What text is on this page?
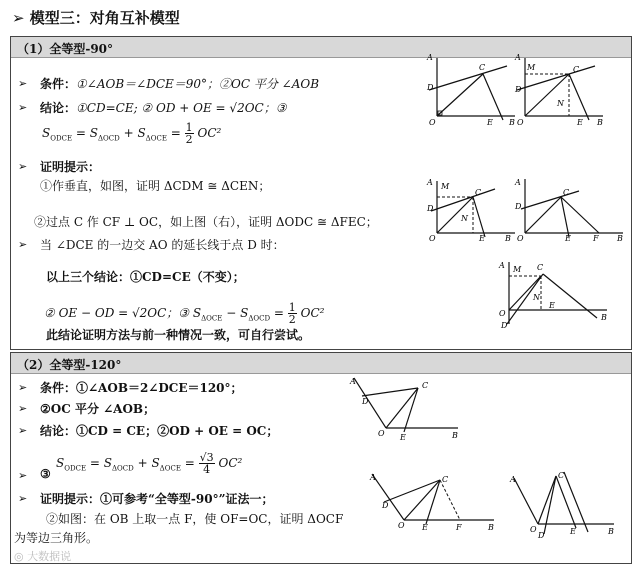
➢ 模型三：对角互补模型
（1）全等型-90°
➢ 条件：①∠AOB＝∠DCE＝90°；②OC 平分 ∠AOB
➢ 结论：①CD=CE; ② OD + OE = √2OC；③
$S_{ODCE} = S_{\Delta OCD} + S_{\Delta OCE} = \frac{1}{2} OC^2$
➢ 证明提示：
①作垂直，如图，证明 ΔCDM ≅ ΔCEN；
②过点 C 作 CF ⊥ OC，如上图（右），证明 ΔODC ≅ ΔFEC；
➢ 当 ∠DCE 的一边交 AO 的延长线于点 D 时：
以上三个结论：①CD=CE（不变）；
② OE − OD = √2OC；③ $S_{\Delta OCE} - S_{\Delta OCD} = \frac{1}{2} OC^2$
此结论证明方法与前一种情况一致，可自行尝试。
A
D
C
O	E B
A
M	C
D
N
O	E B
A M
C
D
N
O	E	B
A
C
D
O	E	F B
A M C
N
O
D
E
B
（2）全等型-120°
➢ 条件：①∠AOB＝2∠DCE＝120°；
➢ ②OC 平分 ∠AOB；
➢ 结论：①CD = CE；②OD + OE = OC；
➢ ③
$S_{ODCE} = S_{\Delta OCD} + S_{\Delta OCE} = \frac{√3}{4} OC^2$
➢ 证明提示：①可参考“全等型-90°”证法一；
②如图：在 OB 上取一点 F，使 OF=OC，证明 ΔOCF
为等边三角形。
A
D
C
O E	B
A
D
C
O E	F	B
A	C
O
D	E	B
◎ 大数据说
